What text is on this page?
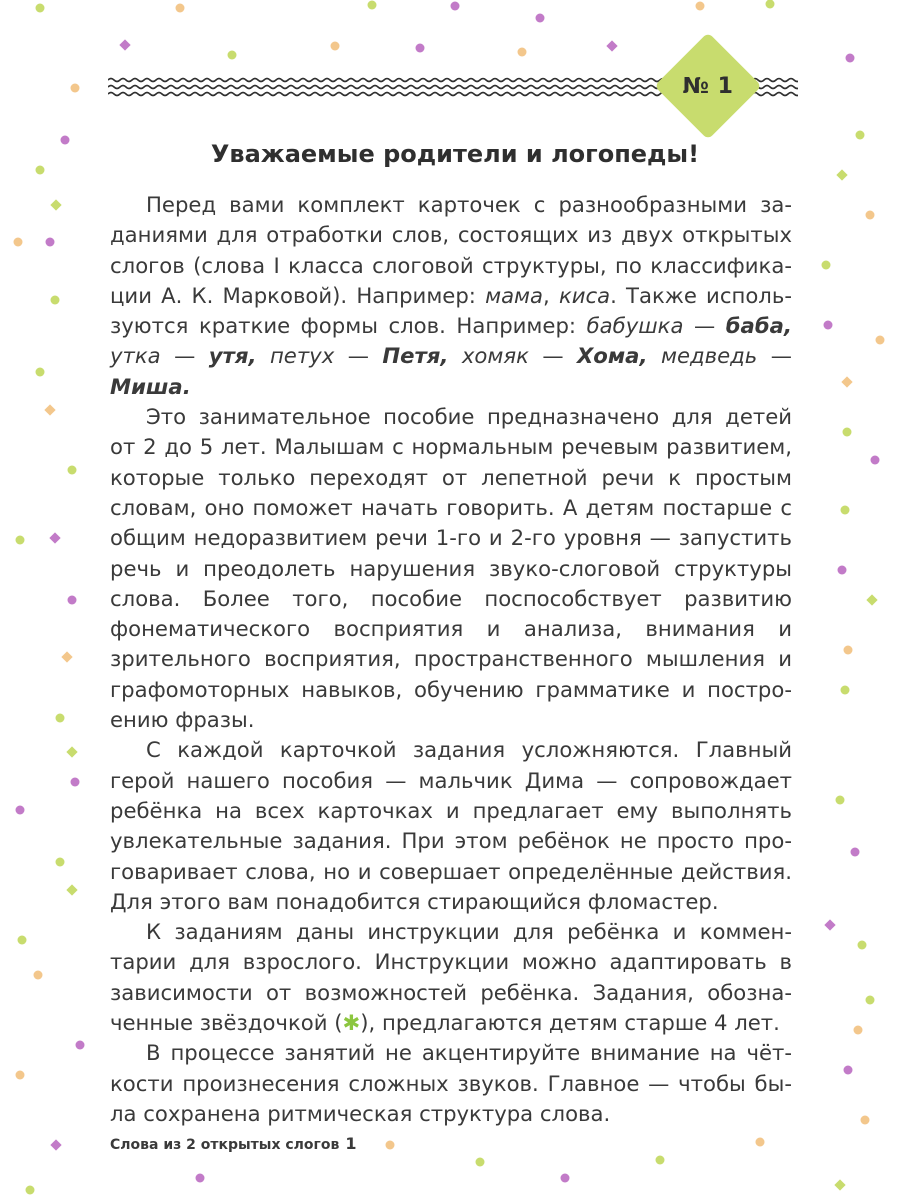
№ 1
Уважаемые родители и логопеды!

Перед вами комплект карточек с разнообразными заданиями для отработки слов, состоящих из двух открытых слогов (слова I класса слоговой структуры, по классификации А. К. Марковой). Например: мама, киса. Также используются краткие формы слов. Например: бабушка — баба, утка — утя, петух — Петя, хомяк — Хома, медведь — Миша.

Это занимательное пособие предназначено для детей от 2 до 5 лет. Малышам с нормальным речевым развитием, которые только переходят от лепетной речи к простым словам, оно поможет начать говорить. А детям постарше с общим недоразвитием речи 1-го и 2-го уровня — запустить речь и преодолеть нарушения звуко-слоговой структуры слова. Более того, пособие поспособствует развитию фонематического восприятия и анализа, внимания и зрительного восприятия, пространственного мышления и графомоторных навыков, обучению грамматике и построению фразы.

С каждой карточкой задания усложняются. Главный герой нашего пособия — мальчик Дима — сопровождает ребёнка на всех карточках и предлагает ему выполнять увлекательные задания. При этом ребёнок не просто проговаривает слова, но и совершает определённые действия. Для этого вам понадобится стирающийся фломастер.

К заданиям даны инструкции для ребёнка и комментарии для взрослого. Инструкции можно адаптировать в зависимости от возможностей ребёнка. Задания, обозначенные звёздочкой (✱), предлагаются детям старше 4 лет.

В процессе занятий не акцентируйте внимание на чёткости произнесения сложных звуков. Главное — чтобы была сохранена ритмическая структура слова.

Слова из 2 открытых слогов 1
